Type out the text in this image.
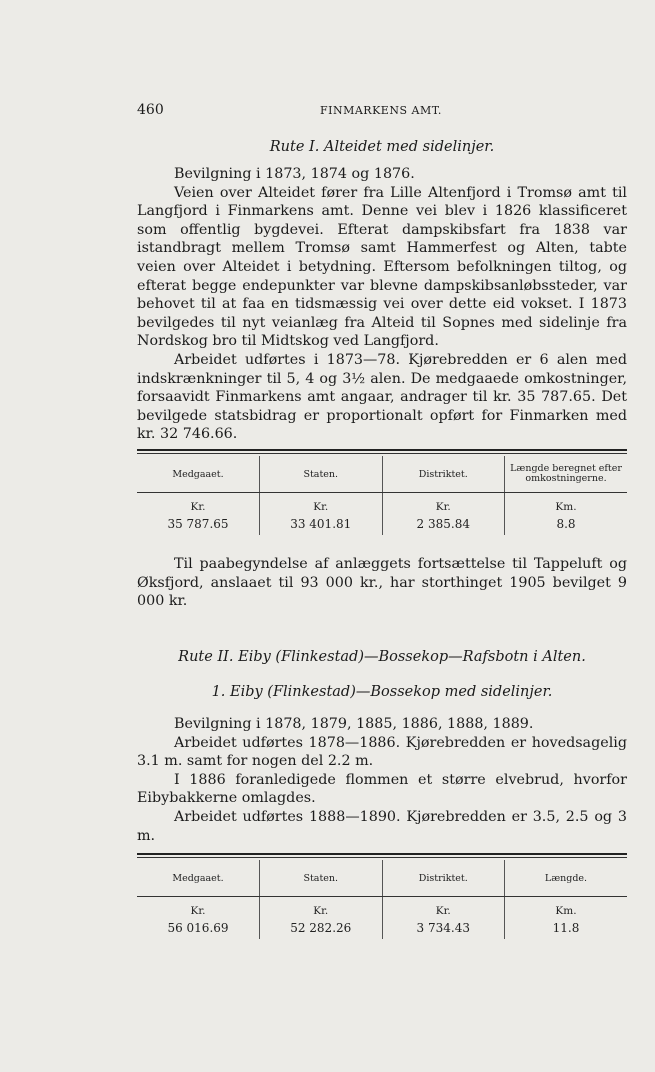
460	FINMARKENS AMT.
Rute I. Alteidet med sidelinjer.

Bevilgning i 1873, 1874 og 1876.

Veien over Alteidet fører fra Lille Altenfjord i Tromsø amt til Langfjord i Finmarkens amt. Denne vei blev i 1826 klassificeret som offentlig bygdevei. Efterat dampskibsfart fra 1838 var istandbragt mellem Tromsø samt Hammerfest og Alten, tabte veien over Alteidet i betydning. Eftersom befolkningen tiltog, og efterat begge endepunkter var blevne dampskibsanløbssteder, var behovet til at faa en tidsmæssig vei over dette eid vokset. I 1873 bevilgedes til nyt veianlæg fra Alteid til Sopnes med sidelinje fra Nordskog bro til Midtskog ved Langfjord.

Arbeidet udførtes i 1873—78. Kjørebredden er 6 alen med indskrænkninger til 5, 4 og 3½ alen. De medgaaede omkostninger, forsaavidt Finmarkens amt angaar, andrager til kr. 35 787.65. Det bevilgede statsbidrag er proportionalt opført for Finmarken med kr. 32 746.66.

Medgaaet.	Staten.	Distriktet.	Længde beregnet efter omkostningerne.
Kr.	Kr.	Kr.	Km.
35 787.65	33 401.81	2 385.84	8.8

Til paabegyndelse af anlæggets fortsættelse til Tappeluft og Øksfjord, anslaaet til 93 000 kr., har storthinget 1905 bevilget 9 000 kr.

Rute II. Eiby (Flinkestad)—Bossekop—Rafsbotn i Alten.
1. Eiby (Flinkestad)—Bossekop med sidelinjer.

Bevilgning i 1878, 1879, 1885, 1886, 1888, 1889.

Arbeidet udførtes 1878—1886. Kjørebredden er hovedsagelig 3.1 m. samt for nogen del 2.2 m.

I 1886 foranledigede flommen et større elvebrud, hvorfor Eibybakkerne omlagdes.

Arbeidet udførtes 1888—1890. Kjørebredden er 3.5, 2.5 og 3 m.

Medgaaet.	Staten.	Distriktet.	Længde.
Kr.	Kr.	Kr.	Km.
56 016.69	52 282.26	3 734.43	11.8
